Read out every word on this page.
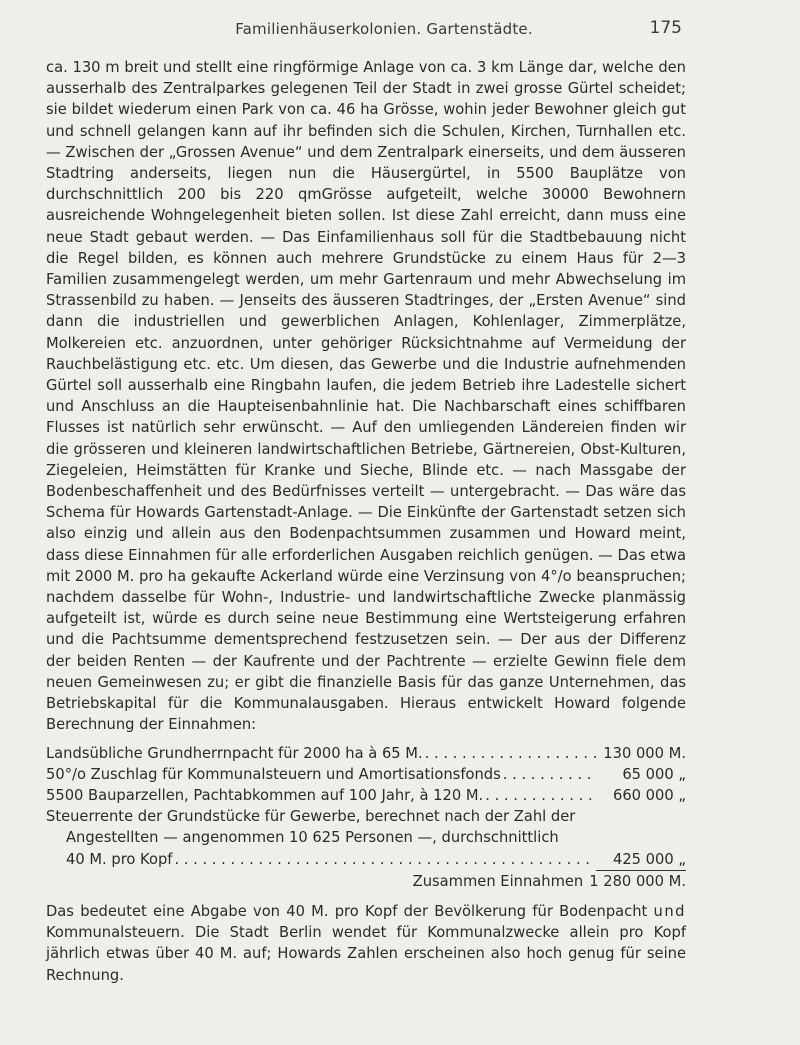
Familienhäuserkolonien. Gartenstädte.	175

ca. 130 m breit und stellt eine ringförmige Anlage von ca. 3 km Länge dar, welche den ausserhalb des Zentralparkes gelegenen Teil der Stadt in zwei grosse Gürtel scheidet; sie bildet wiederum einen Park von ca. 46 ha Grösse, wohin jeder Bewohner gleich gut und schnell gelangen kann auf ihr befinden sich die Schulen, Kirchen, Turnhallen etc. — Zwischen der „Grossen Avenue“ und dem Zentralpark einerseits, und dem äusseren Stadtring anderseits, liegen nun die Häusergürtel, in 5500 Bauplätze von durchschnittlich 200 bis 220 qmGrösse aufgeteilt, welche 30000 Bewohnern ausreichende Wohngelegenheit bieten sollen. Ist diese Zahl erreicht, dann muss eine neue Stadt gebaut werden. — Das Einfamilienhaus soll für die Stadtbebauung nicht die Regel bilden, es können auch mehrere Grundstücke zu einem Haus für 2—3 Familien zusammengelegt werden, um mehr Gartenraum und mehr Abwechselung im Strassenbild zu haben. — Jenseits des äusseren Stadtringes, der „Ersten Avenue“ sind dann die industriellen und gewerblichen Anlagen, Kohlenlager, Zimmerplätze, Molkereien etc. anzuordnen, unter gehöriger Rücksichtnahme auf Vermeidung der Rauchbelästigung etc. etc. Um diesen, das Gewerbe und die Industrie aufnehmenden Gürtel soll ausserhalb eine Ringbahn laufen, die jedem Betrieb ihre Ladestelle sichert und Anschluss an die Haupteisenbahnlinie hat. Die Nachbarschaft eines schiffbaren Flusses ist natürlich sehr erwünscht. — Auf den umliegenden Ländereien finden wir die grösseren und kleineren landwirtschaftlichen Betriebe, Gärtnereien, Obst-Kulturen, Ziegeleien, Heimstätten für Kranke und Sieche, Blinde etc. — nach Massgabe der Bodenbeschaffenheit und des Bedürfnisses verteilt — untergebracht. — Das wäre das Schema für Howards Gartenstadt-Anlage. — Die Einkünfte der Gartenstadt setzen sich also einzig und allein aus den Bodenpachtsummen zusammen und Howard meint, dass diese Einnahmen für alle erforderlichen Ausgaben reichlich genügen. — Das etwa mit 2000 M. pro ha gekaufte Ackerland würde eine Verzinsung von 4°/o beanspruchen; nachdem dasselbe für Wohn-, Industrie- und landwirtschaftliche Zwecke planmässig aufgeteilt ist, würde es durch seine neue Bestimmung eine Wertsteigerung erfahren und die Pachtsumme dementsprechend festzusetzen sein. — Der aus der Differenz der beiden Renten — der Kaufrente und der Pachtrente — erzielte Gewinn fiele dem neuen Gemeinwesen zu; er gibt die finanzielle Basis für das ganze Unternehmen, das Betriebskapital für die Kommunalausgaben. Hieraus entwickelt Howard folgende Berechnung der Einnahmen:

Landsübliche Grundherrnpacht für 2000 ha à 65 M. . . .	130 000 M.
50°/o Zuschlag für Kommunalsteuern und Amortisationsfonds . . .	65 000 „
5500 Bauparzellen, Pachtabkommen auf 100 Jahr, à 120 M. . . .	660 000 „
Steuerrente der Grundstücke für Gewerbe, berechnet nach der Zahl der
Angestellten — angenommen 10 625 Personen —, durchschnittlich
40 M. pro Kopf . . .	425 000 „
Zusammen Einnahmen 1 280 000 M.

Das bedeutet eine Abgabe von 40 M. pro Kopf der Bevölkerung für Bodenpacht und Kommunalsteuern. Die Stadt Berlin wendet für Kommunalzwecke allein pro Kopf jährlich etwas über 40 M. auf; Howards Zahlen erscheinen also hoch genug für seine Rechnung.
